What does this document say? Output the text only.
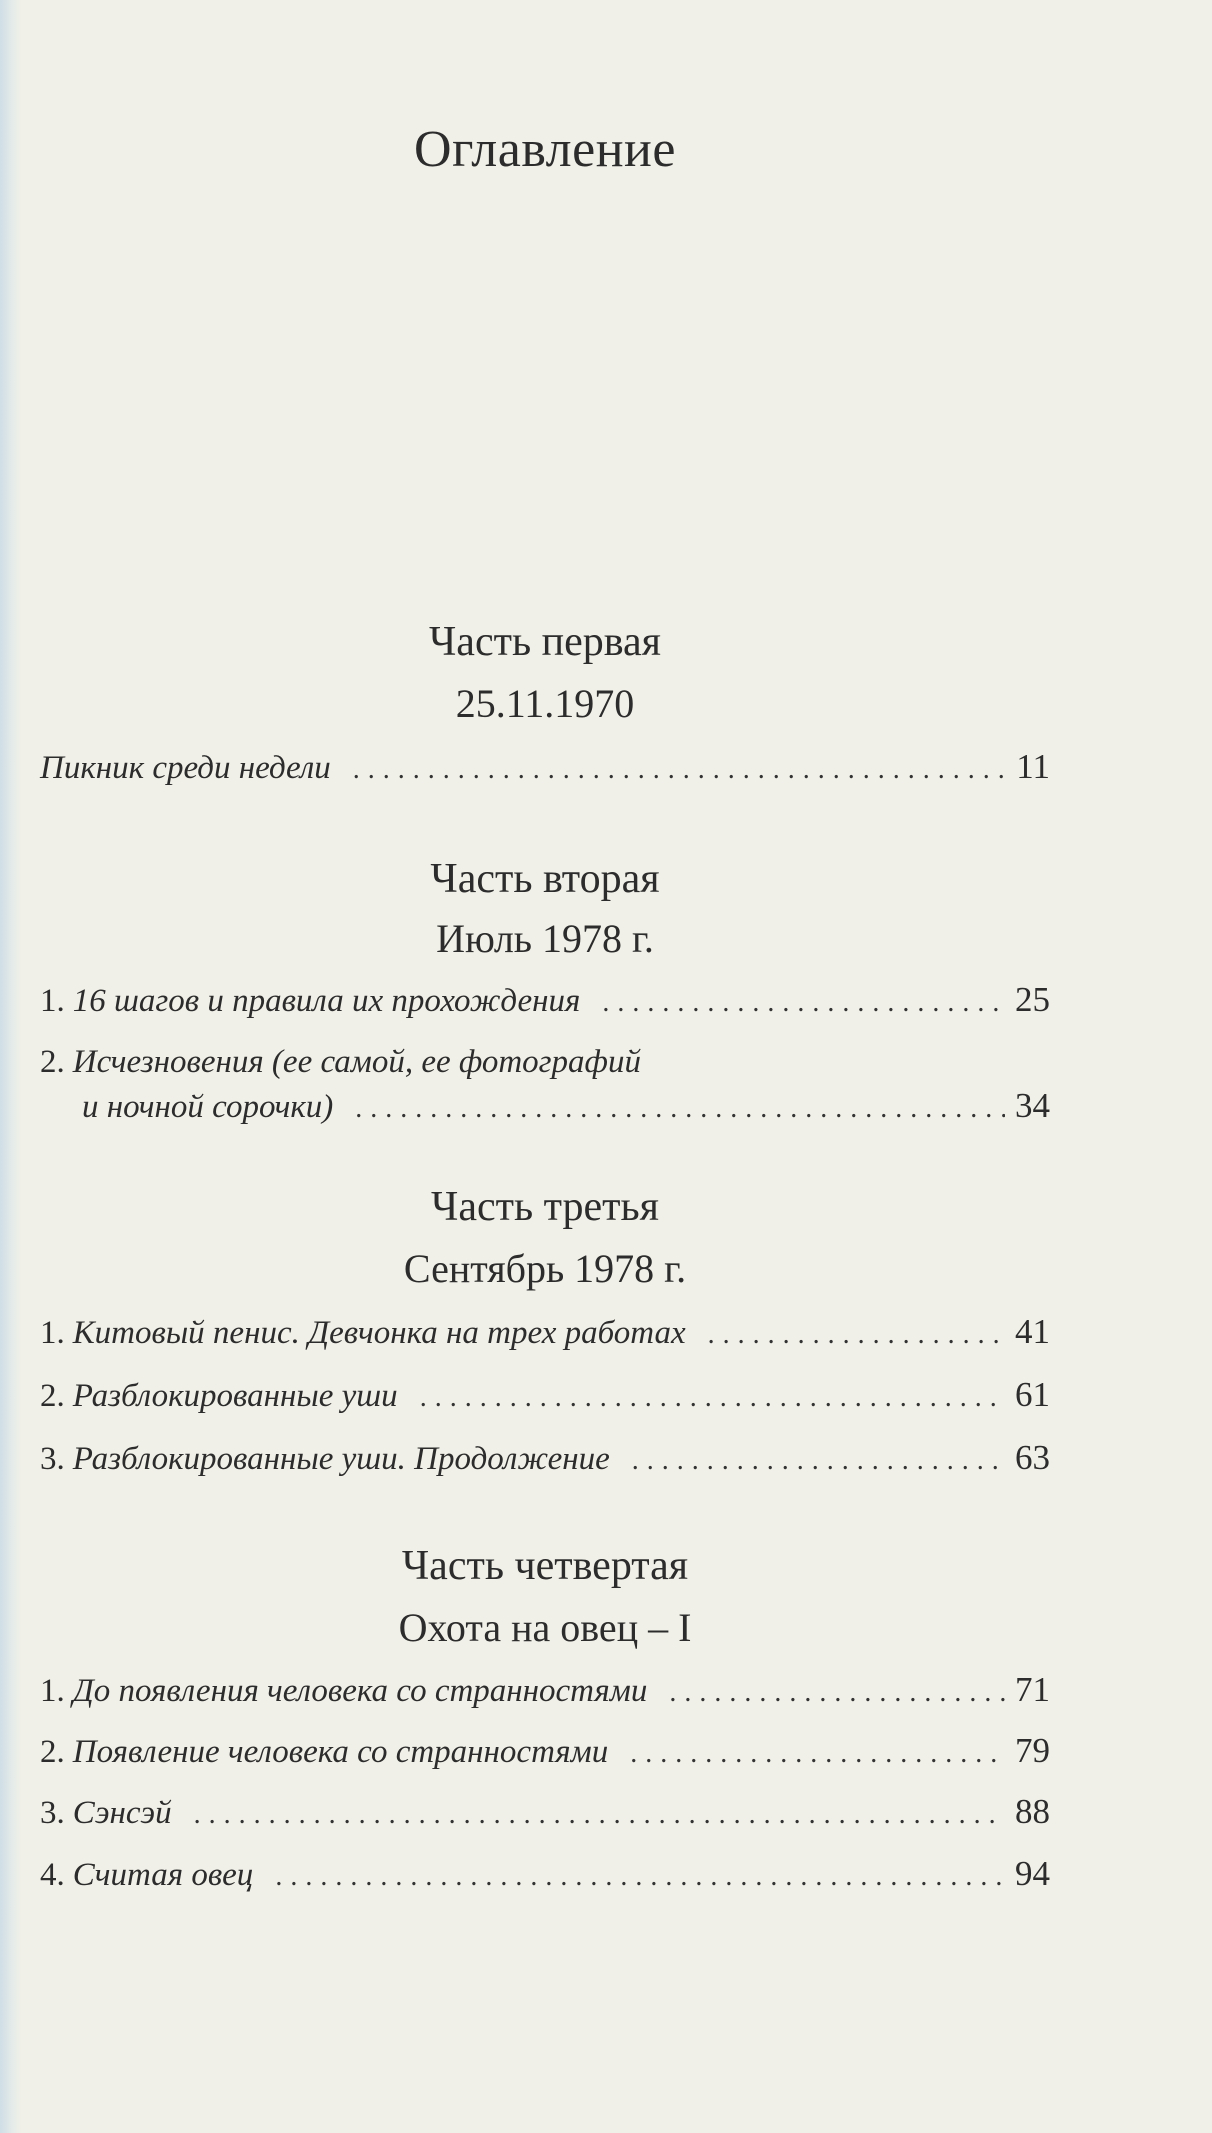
Оглавление
Часть первая
25.11.1970
Пикник среди недели .....	11
Часть вторая
Июль 1978 г.
1. 16 шагов и правила их прохождения .....	25
2. Исчезновения (ее самой, ее фотографий
и ночной сорочки) .....	34
Часть третья
Сентябрь 1978 г.
1. Китовый пенис. Девчонка на трех работах .....	41
2. Разблокированные уши .....	61
3. Разблокированные уши. Продолжение .....	63
Часть четвертая
Охота на овец – I
1. До появления человека со странностями .....	71
2. Появление человека со странностями .....	79
3. Сэнсэй .....	88
4. Считая овец .....	94
